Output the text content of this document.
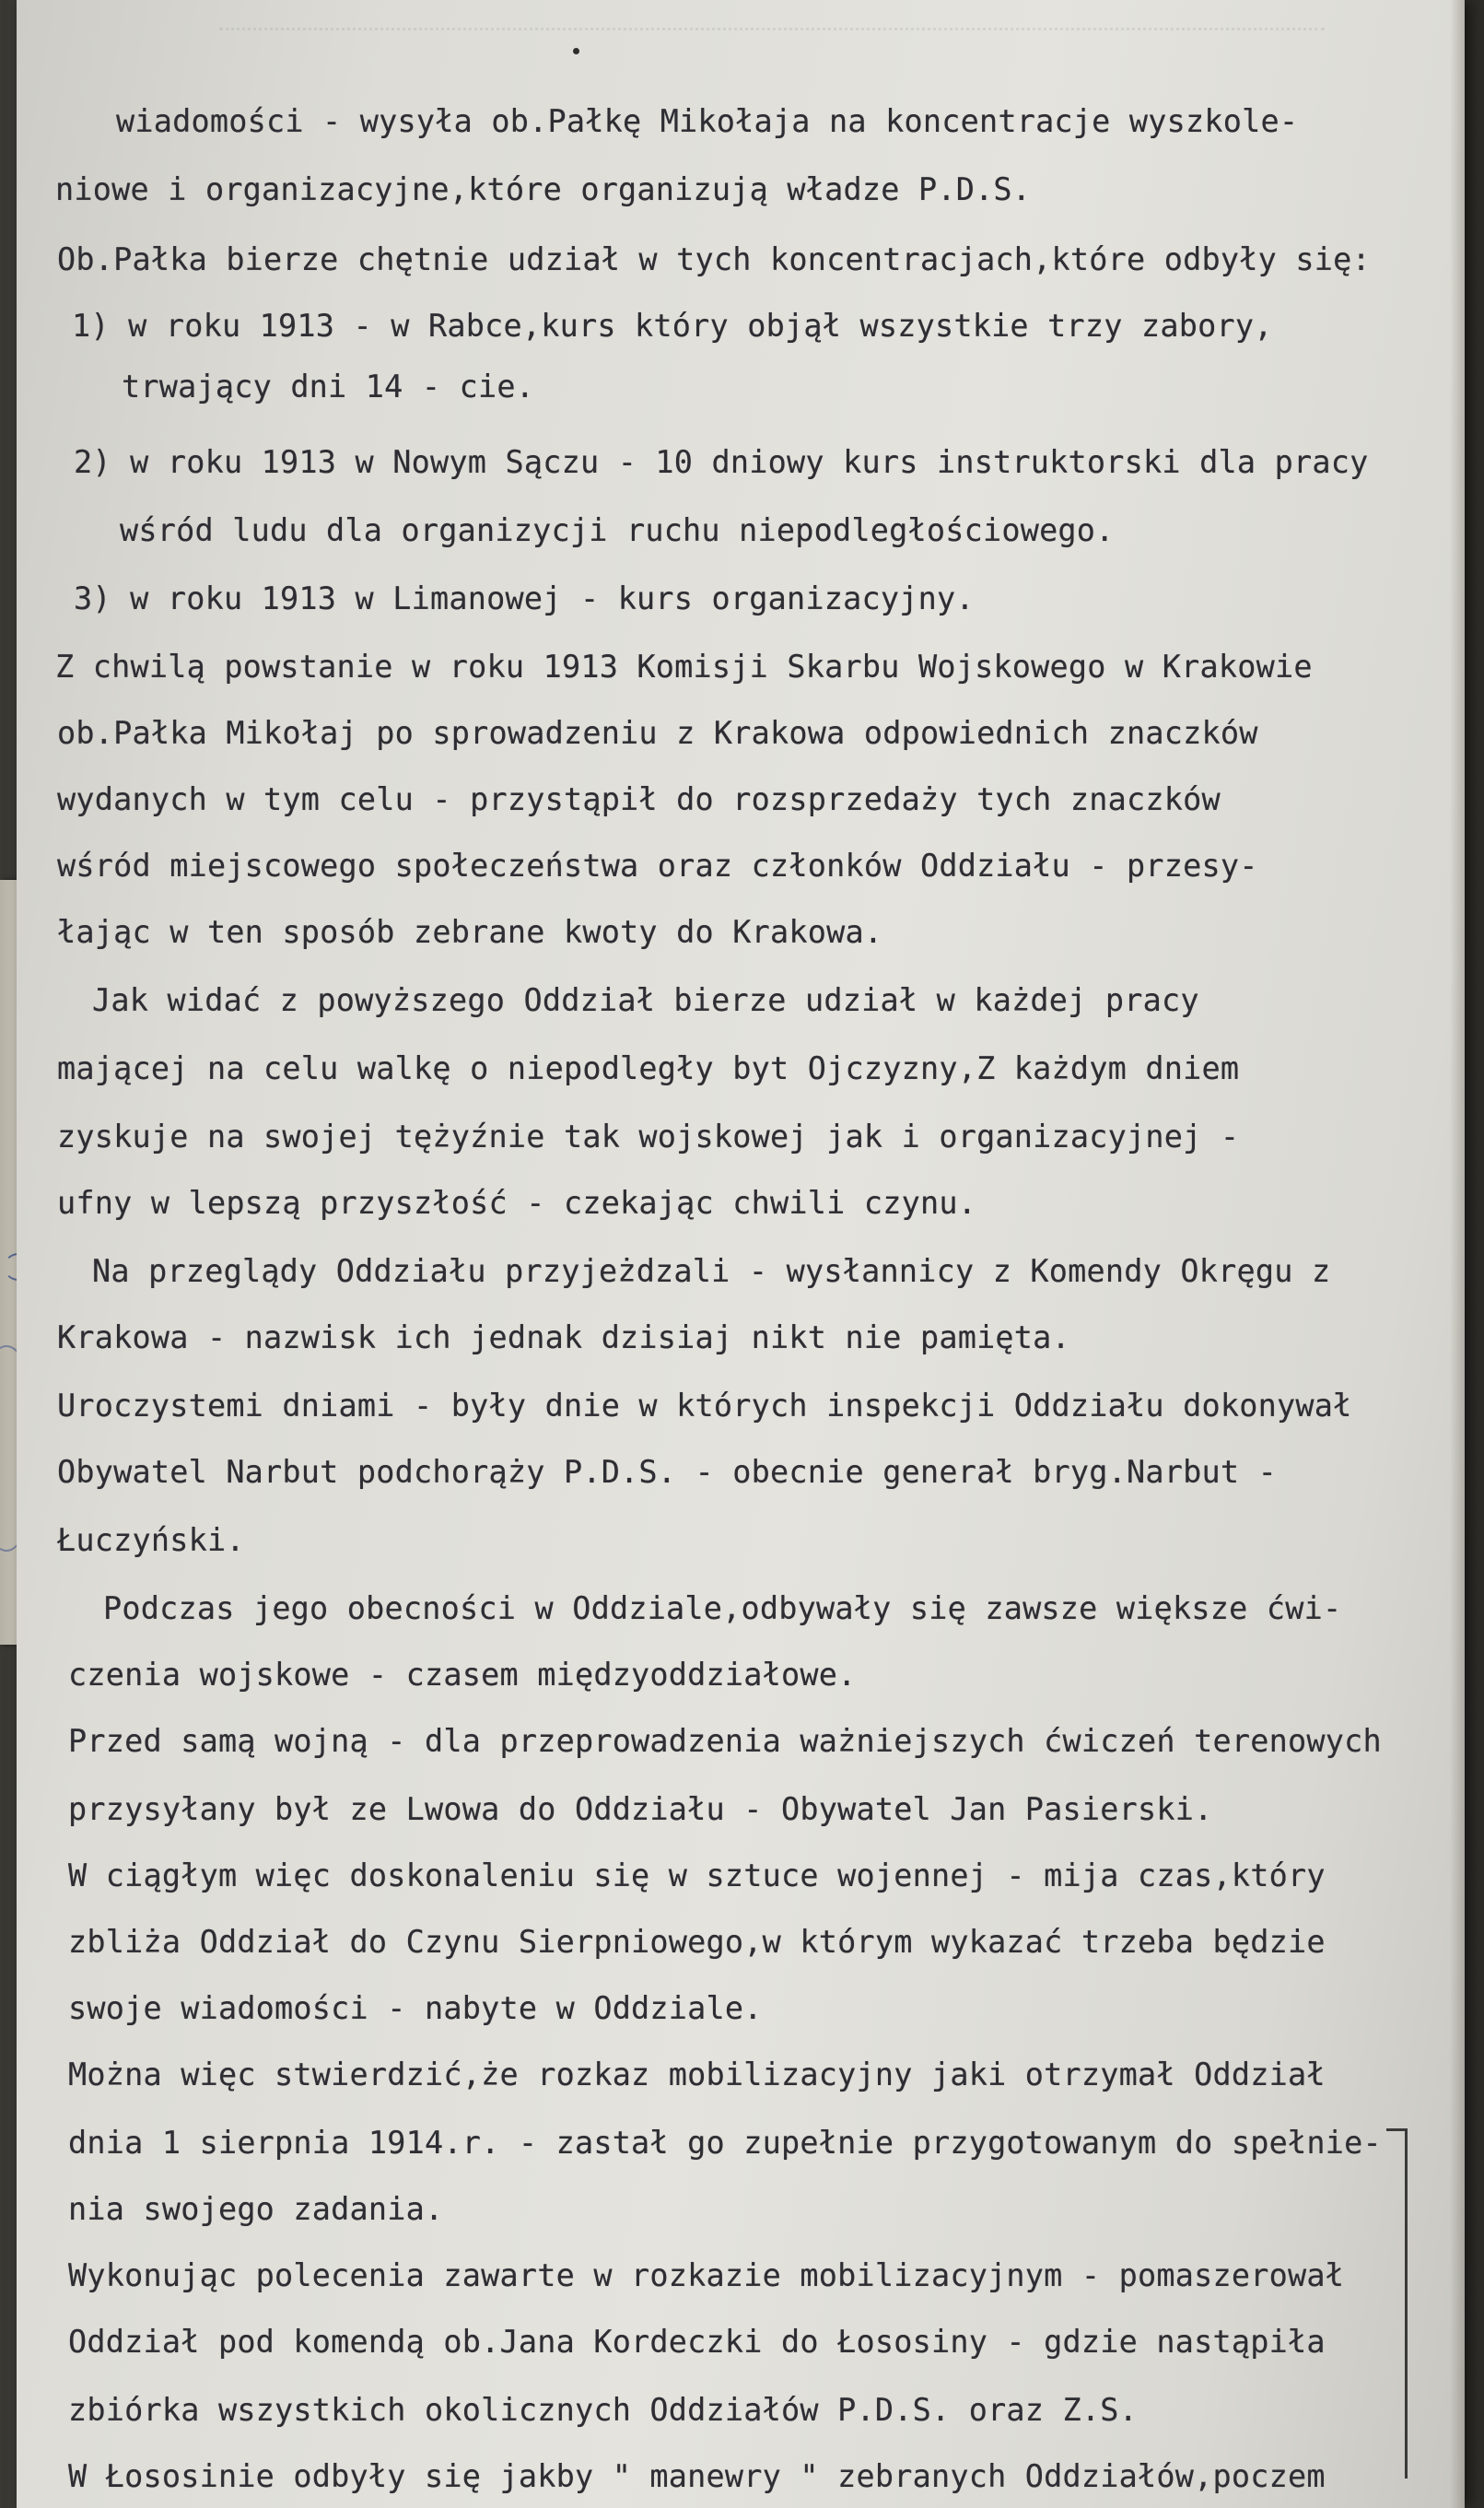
wiadomości - wysyła ob.Pałkę Mikołaja na koncentracje wyszkole-
niowe i organizacyjne,które organizują władze P.D.S.
Ob.Pałka bierze chętnie udział w tych koncentracjach,które odbyły się:
1) w roku 1913 - w Rabce,kurs który objął wszystkie trzy zabory,
trwający dni 14 - cie.
2) w roku 1913 w Nowym Sączu - 10 dniowy kurs instruktorski dla pracy
wśród ludu dla organizycji ruchu niepodległościowego.
3) w roku 1913 w Limanowej - kurs organizacyjny.
Z chwilą powstanie w roku 1913 Komisji Skarbu Wojskowego w Krakowie
ob.Pałka Mikołaj po sprowadzeniu z Krakowa odpowiednich znaczków
wydanych w tym celu - przystąpił do rozsprzedaży tych znaczków
wśród miejscowego społeczeństwa oraz członków Oddziału - przesy-
łając w ten sposób zebrane kwoty do Krakowa.
Jak widać z powyższego Oddział bierze udział w każdej pracy
mającej na celu walkę o niepodległy byt Ojczyzny,Z każdym dniem
zyskuje na swojej tężyźnie tak wojskowej jak i organizacyjnej -
ufny w lepszą przyszłość - czekając chwili czynu.
Na przeglądy Oddziału przyjeżdzali - wysłannicy z Komendy Okręgu z
Krakowa - nazwisk ich jednak dzisiaj nikt nie pamięta.
Uroczystemi dniami - były dnie w których inspekcji Oddziału dokonywał
Obywatel Narbut podchorąży P.D.S. - obecnie generał bryg.Narbut -
Łuczyński.
Podczas jego obecności w Oddziale,odbywały się zawsze większe ćwi-
czenia wojskowe - czasem międzyoddziałowe.
Przed samą wojną - dla przeprowadzenia ważniejszych ćwiczeń terenowych
przysyłany był ze Lwowa do Oddziału - Obywatel Jan Pasierski.
W ciągłym więc doskonaleniu się w sztuce wojennej - mija czas,który
zbliża Oddział do Czynu Sierpniowego,w którym wykazać trzeba będzie
swoje wiadomości - nabyte w Oddziale.
Można więc stwierdzić,że rozkaz mobilizacyjny jaki otrzymał Oddział
dnia 1 sierpnia 1914.r. - zastał go zupełnie przygotowanym do spełnie-
nia swojego zadania.
Wykonując polecenia zawarte w rozkazie mobilizacyjnym - pomaszerował
Oddział pod komendą ob.Jana Kordeczki do Łososiny - gdzie nastąpiła
zbiórka wszystkich okolicznych Oddziałów P.D.S. oraz Z.S.
W Łososinie odbyły się jakby " manewry " zebranych Oddziałów,poczem
